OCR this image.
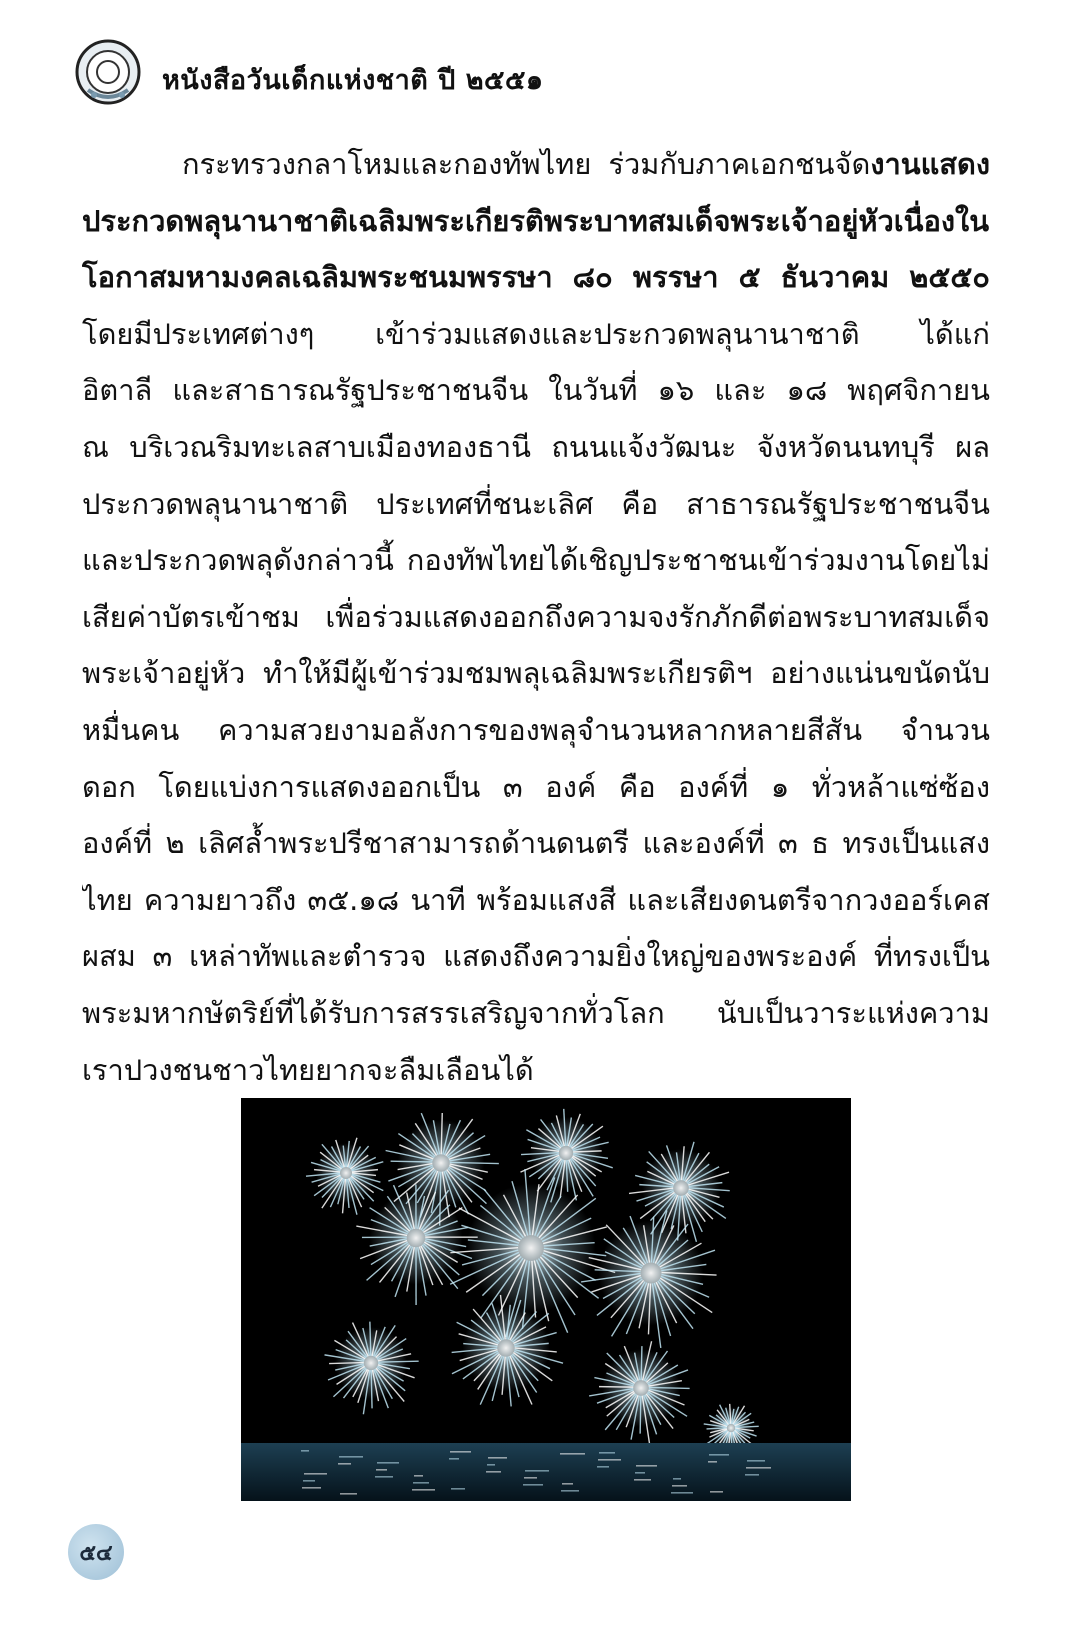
หนังสือวันเด็กแห่งชาติ ปี ๒๕๕๑
กระทรวงกลาโหมและกองทัพไทย ร่วมกับภาคเอกชนจัดงานแสดง
ประกวดพลุนานาชาติเฉลิมพระเกียรติพระบาทสมเด็จพระเจ้าอยู่หัวเนื่องใน
โอกาสมหามงคลเฉลิมพระชนมพรรษา ๘๐ พรรษา ๕ ธันวาคม ๒๕๕๐
โดยมีประเทศต่างๆ เข้าร่วมแสดงและประกวดพลุนานาชาติ ได้แก่
อิตาลี และสาธารณรัฐประชาชนจีน ในวันที่ ๑๖ และ ๑๘ พฤศจิกายน
ณ บริเวณริมทะเลสาบเมืองทองธานี ถนนแจ้งวัฒนะ จังหวัดนนทบุรี ผล
ประกวดพลุนานาชาติ ประเทศที่ชนะเลิศ คือ สาธารณรัฐประชาชนจีน
และประกวดพลุดังกล่าวนี้ กองทัพไทยได้เชิญประชาชนเข้าร่วมงานโดยไม่
เสียค่าบัตรเข้าชม เพื่อร่วมแสดงออกถึงความจงรักภักดีต่อพระบาทสมเด็จ
พระเจ้าอยู่หัว ทำให้มีผู้เข้าร่วมชมพลุเฉลิมพระเกียรติฯ อย่างแน่นขนัดนับ
หมื่นคน ความสวยงามอลังการของพลุจำนวนหลากหลายสีสัน จำนวน
ดอก โดยแบ่งการแสดงออกเป็น ๓ องค์ คือ องค์ที่ ๑ ทั่วหล้าแซ่ซ้อง
องค์ที่ ๒ เลิศล้ำพระปรีชาสามารถด้านดนตรี และองค์ที่ ๓ ธ ทรงเป็นแสง
ไทย ความยาวถึง ๓๕.๑๘ นาที พร้อมแสงสี และเสียงดนตรีจากวงออร์เคส
ผสม ๓ เหล่าทัพและตำรวจ แสดงถึงความยิ่งใหญ่ของพระองค์ ที่ทรงเป็น
พระมหากษัตริย์ที่ได้รับการสรรเสริญจากทั่วโลก นับเป็นวาระแห่งความ
เราปวงชนชาวไทยยากจะลืมเลือนได้
๕๔
